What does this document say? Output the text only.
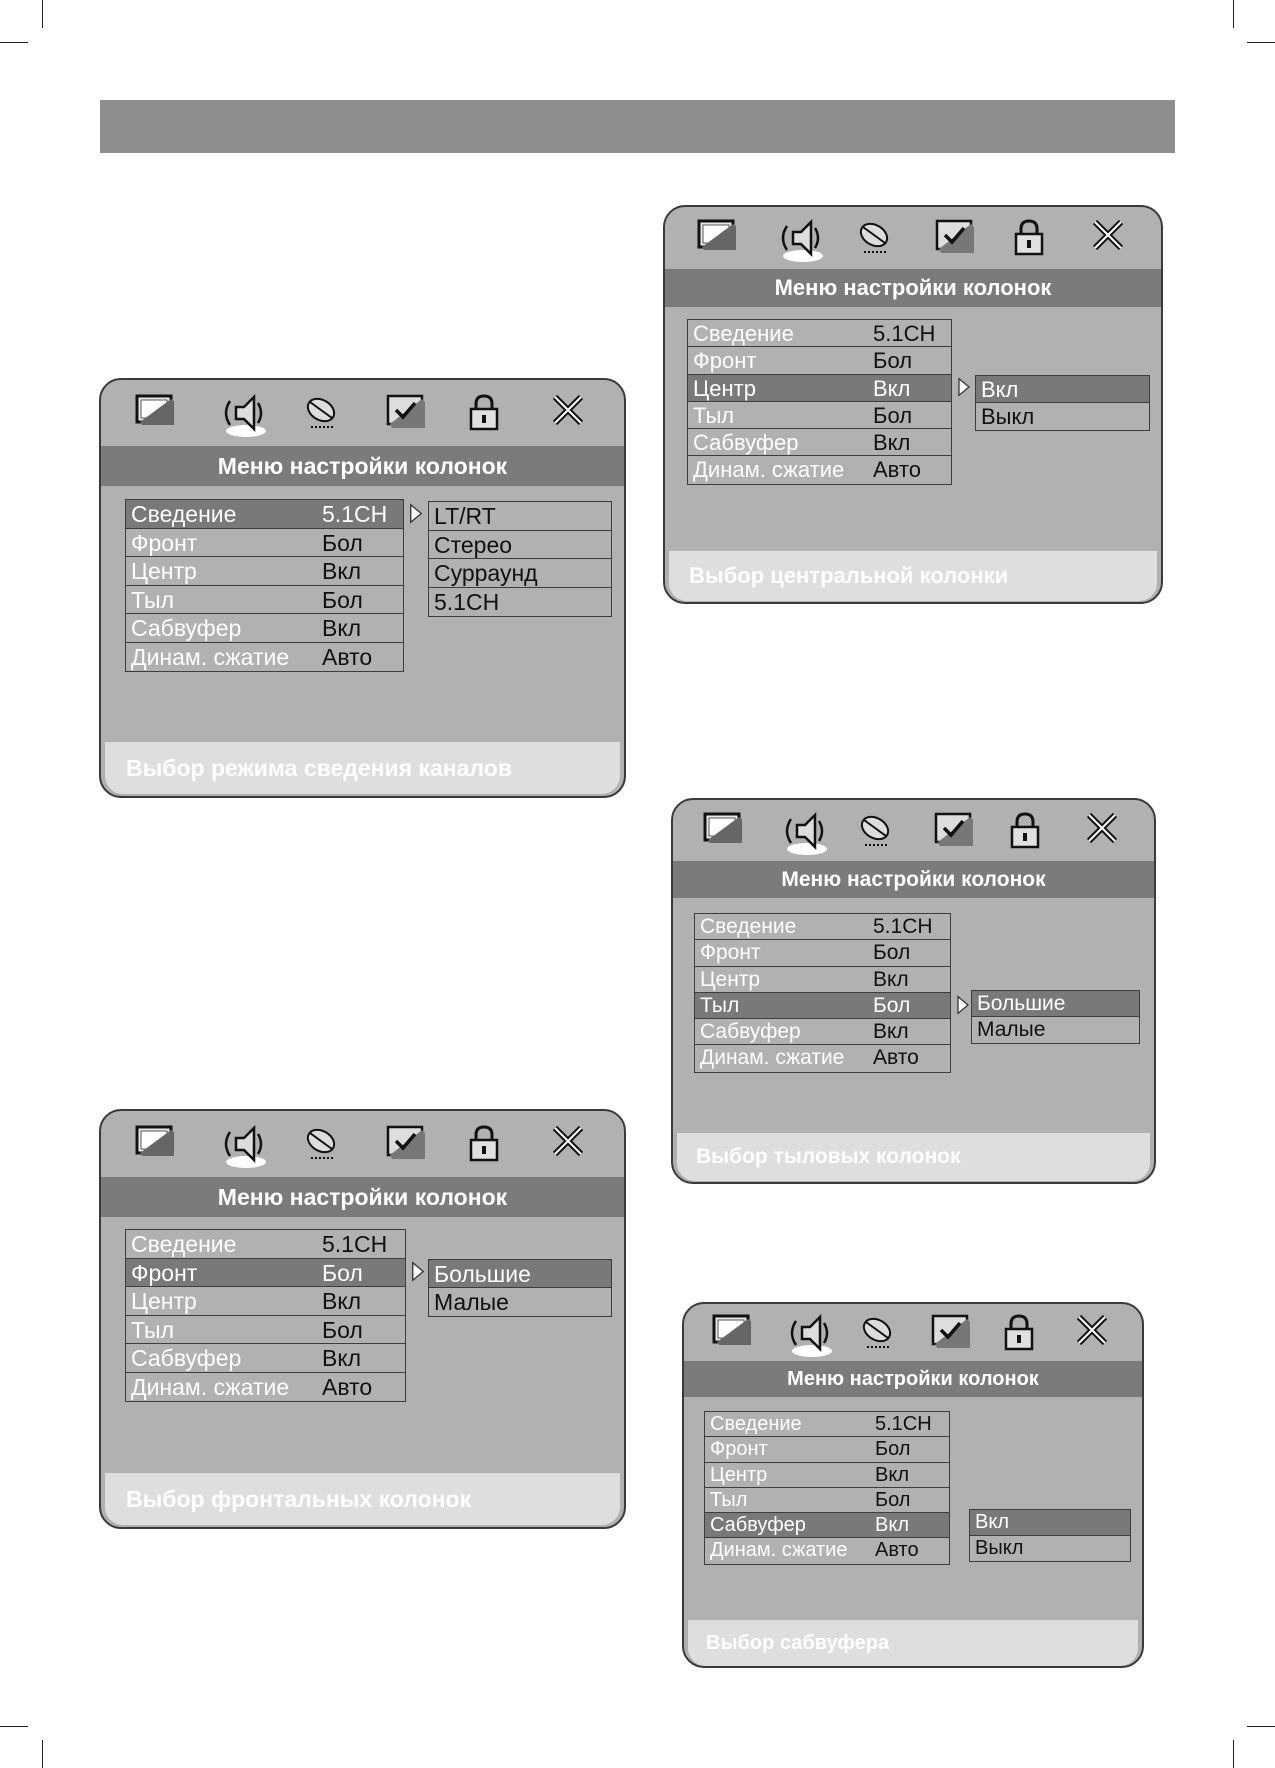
Меню настройки колонок
Сведение	5.1CH
Фронт	Бол
Центр	Вкл
Тыл	Бол
Сабвуфер	Вкл
Динам. сжатие Авто
LT/RT
Стерео
Сурраунд
5.1CH
Выбор режима сведения каналов
Меню настройки колонок
Сведение	5.1CH
Фронт	Бол
Центр	Вкл
Тыл	Бол
Сабвуфер	Вкл
Динам. сжатие Авто
Большие
Малые
Выбор фронтальных колонок
Меню настройки колонок
Сведение	5.1CH
Фронт	Бол
Центр	Вкл
Тыл	Бол
Сабвуфер	Вкл
Динам. сжатие Авто
Вкл
Выкл
Выбор центральной колонки
Меню настройки колонок
Сведение	5.1CH
Фронт	Бол
Центр	Вкл
Тыл	Бол
Сабвуфер	Вкл
Динам. сжатие Авто
Большие
Малые
Выбор тыловых колонок
Меню настройки колонок
Сведение	5.1CH
Фронт	Бол
Центр	Вкл
Тыл	Бол
Сабвуфер	Вкл
Динам. сжатие Авто
Вкл
Выкл
Выбор сабвуфера
